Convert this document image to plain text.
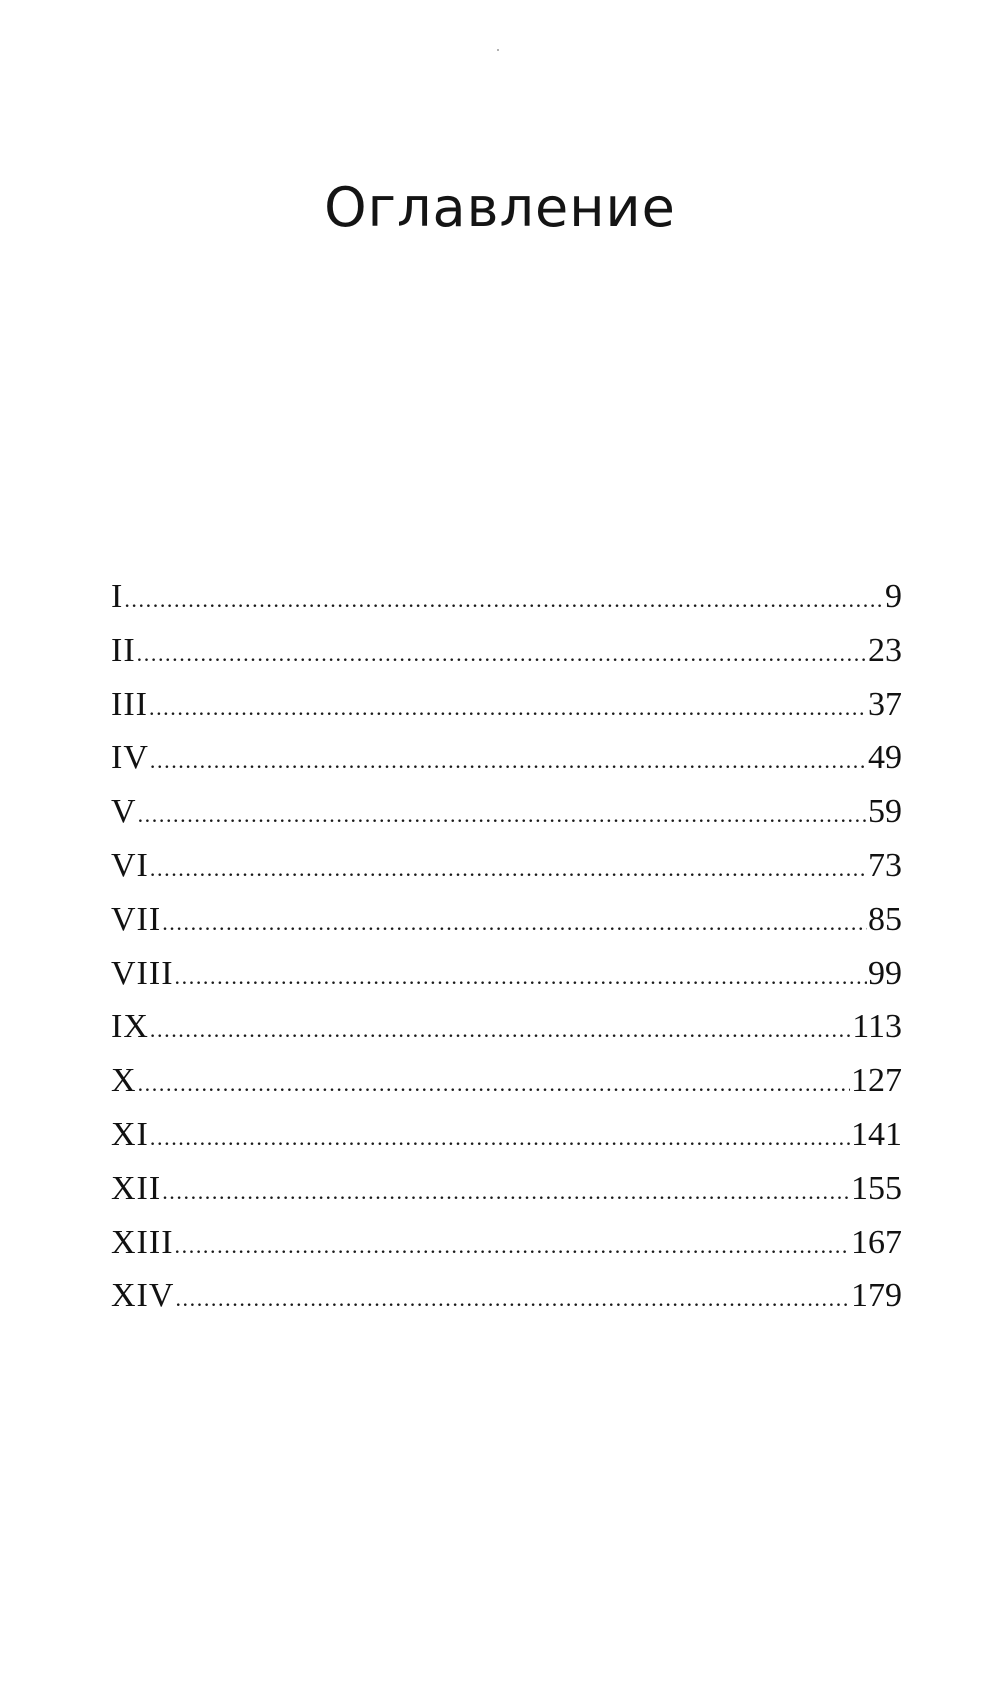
Оглавление
I .....	9
II .....	23
III .....	37
IV .....	49
V .....	59
VI .....	73
VII .....	85
VIII .....	99
IX .....	113
X .....	127
XI .....	141
XII .....	155
XIII .....	167
XIV .....	179
